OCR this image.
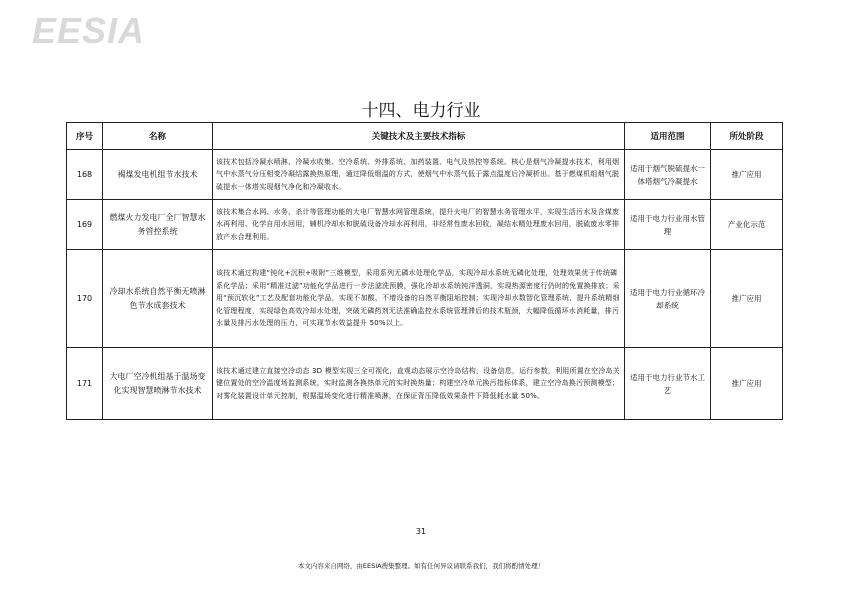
EESIA
十四、电力行业
序号	名称	关键技术及主要技术指标	适用范围	所处阶段
168	褐煤发电机组节水技术	该技术包括冷凝水喷淋、冷凝水收集、空冷系统、外排系统、加药装置、电气及热控等系统。核心是烟气冷凝提水技术，利用烟气中水蒸气分压相变冷凝结露换热原理，通过降低烟温的方式，使烟气中水蒸气低于露点温度后冷凝析出。基于燃煤机组烟气脱硫提水一体塔实现烟气净化和冷凝收水。	适用于烟气脱硫提水一体塔烟气冷凝提水	推广应用
169	燃煤火力发电厂全厂智慧水务管控系统	该技术集合水网、水务、杀计等管理功能的大电厂智慧水网管理系统，提升火电厂的智慧水务管理水平，实现生活污水及含煤废水再利用、化学自用水回用，辅机冷却水和脱硫设备冷却水再利用，非经常性废水回收，凝结水精处理废水回用，脱硫废水零排放产水合理利用。	适用于电力行业用水管理	产业化示范
170	冷却水系统自然平衡无喷淋色节水成套技术	该技术通过构建“钝化+沉积+吸附”三维模型，采用系列无磷水处理化学品，实现冷却水系统无磷化处理，处理效果优于传统磷系化学品；采用“精准过滤”功能化学品进行一步法滤洗预膜，强化冷却水系统钝洋透洞，实现热源密度行仍时的免置换排放；采用“预沉软化”工艺及配套功能化学品，实现不加酸、不增设备的自然平衡阻垢控制；实现冷却水数智化管理系统，提升系统精细化管理程度，实现绿色高效冷却水处理，突破无磷药剂无法准确监控水系统管理滞后的技术瓶颈，大幅降低循环水消耗量，排污水量及排污水处理的压力，可实现节水效益提升 50%以上。	适用于电力行业循环冷却系统	推广应用
171	大电厂空冷机组基于温场变化实现智慧喷淋节水技术	该技术通过建立直接空冷动态 3D 模型实现三全可视化，直观动态展示空冷岛结构，设备信息，运行参数，利用所置在空冷岛关键位置处的空冷温度场监测系统，实时监测各换热单元的实时换热量；构建空冷单元换污指标体系，建立空冷岛换污预测模型；对雾化装置设计单元控制，根据温场变化进行精准喷淋，在保证背压降低效果条件下降低耗水量 50%。	适用于电力行业节水工艺	推广应用
31
本文内容来自网络，由EESIA搜集整理。如有任何异议请联系我们，我们将酌情处理！
